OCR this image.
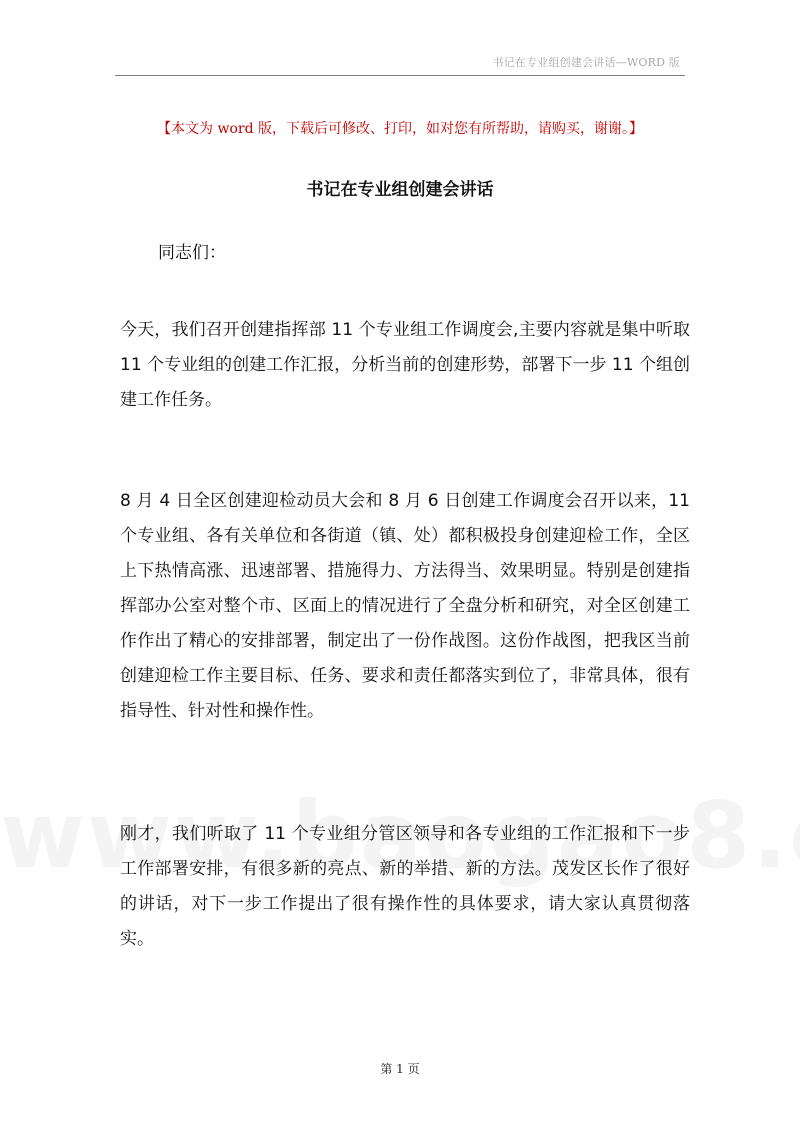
书记在专业组创建会讲话—WORD 版
【本文为 word 版，下载后可修改、打印，如对您有所帮助，请购买，谢谢。】
书记在专业组创建会讲话
同志们：

今天，我们召开创建指挥部 11 个专业组工作调度会,主要内容就是集中听取 11 个专业组的创建工作汇报，分析当前的创建形势，部署下一步 11 个组创建工作任务。

8 月 4 日全区创建迎检动员大会和 8 月 6 日创建工作调度会召开以来，11 个专业组、各有关单位和各街道（镇、处）都积极投身创建迎检工作，全区上下热情高涨、迅速部署、措施得力、方法得当、效果明显。特别是创建指挥部办公室对整个市、区面上的情况进行了全盘分析和研究，对全区创建工作作出了精心的安排部署，制定出了一份作战图。这份作战图，把我区当前创建迎检工作主要目标、任务、要求和责任都落实到位了，非常具体，很有指导性、针对性和操作性。

刚才，我们听取了 11 个专业组分管区领导和各专业组的工作汇报和下一步工作部署安排，有很多新的亮点、新的举措、新的方法。茂发区长作了很好的讲话，对下一步工作提出了很有操作性的具体要求，请大家认真贯彻落实。

第 1 页
